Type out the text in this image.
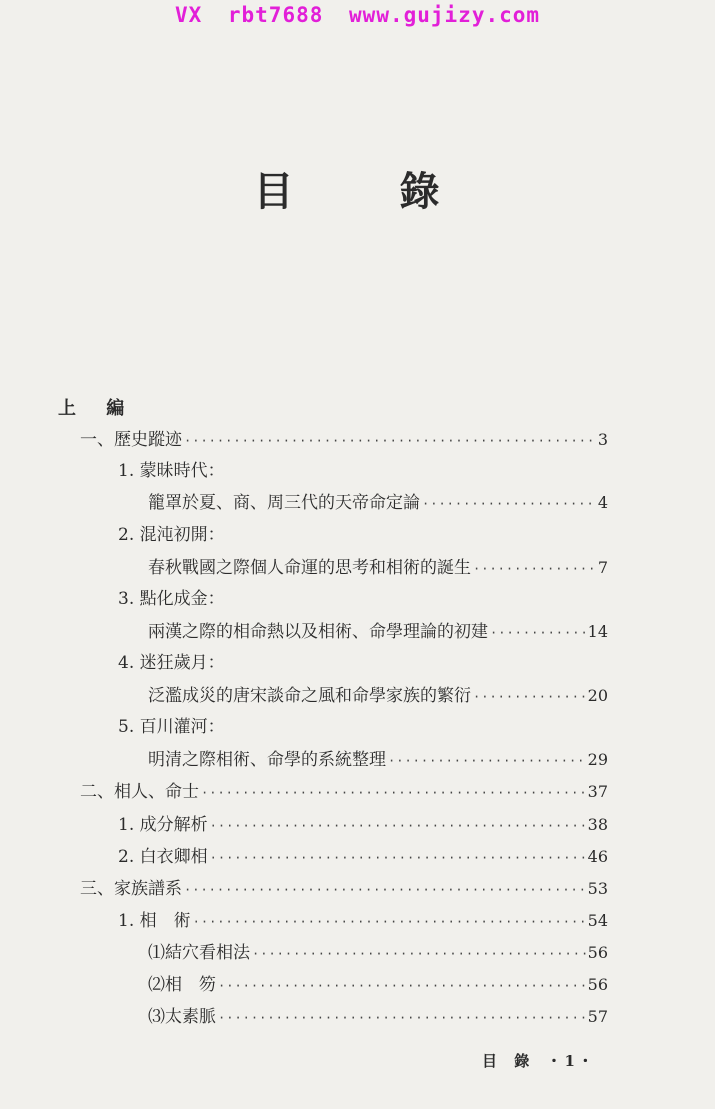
VX rbt7688 www.gujizy.com
目 錄
上 編
一、歷史蹤迹 ·····	3
1. 蒙昧時代：
籠罩於夏、商、周三代的天帝命定論 ·····	4
2. 混沌初開：
春秋戰國之際個人命運的思考和相術的誕生 ·····	7
3. 點化成金：
兩漢之際的相命熱以及相術、命學理論的初建 ·····	14
4. 迷狂歲月：
泛濫成災的唐宋談命之風和命學家族的繁衍 ·····	20
5. 百川灌河：
明清之際相術、命學的系統整理 ·····	29
二、相人、命士 ·····	37
1. 成分解析 ·····	38
2. 白衣卿相 ·····	46
三、家族譜系 ·····	53
1. 相　術 ·····	54
⑴結穴看相法 ·····	56
⑵相　笏 ·····	56
⑶太素脈 ·····	57
目 錄 ・1・
